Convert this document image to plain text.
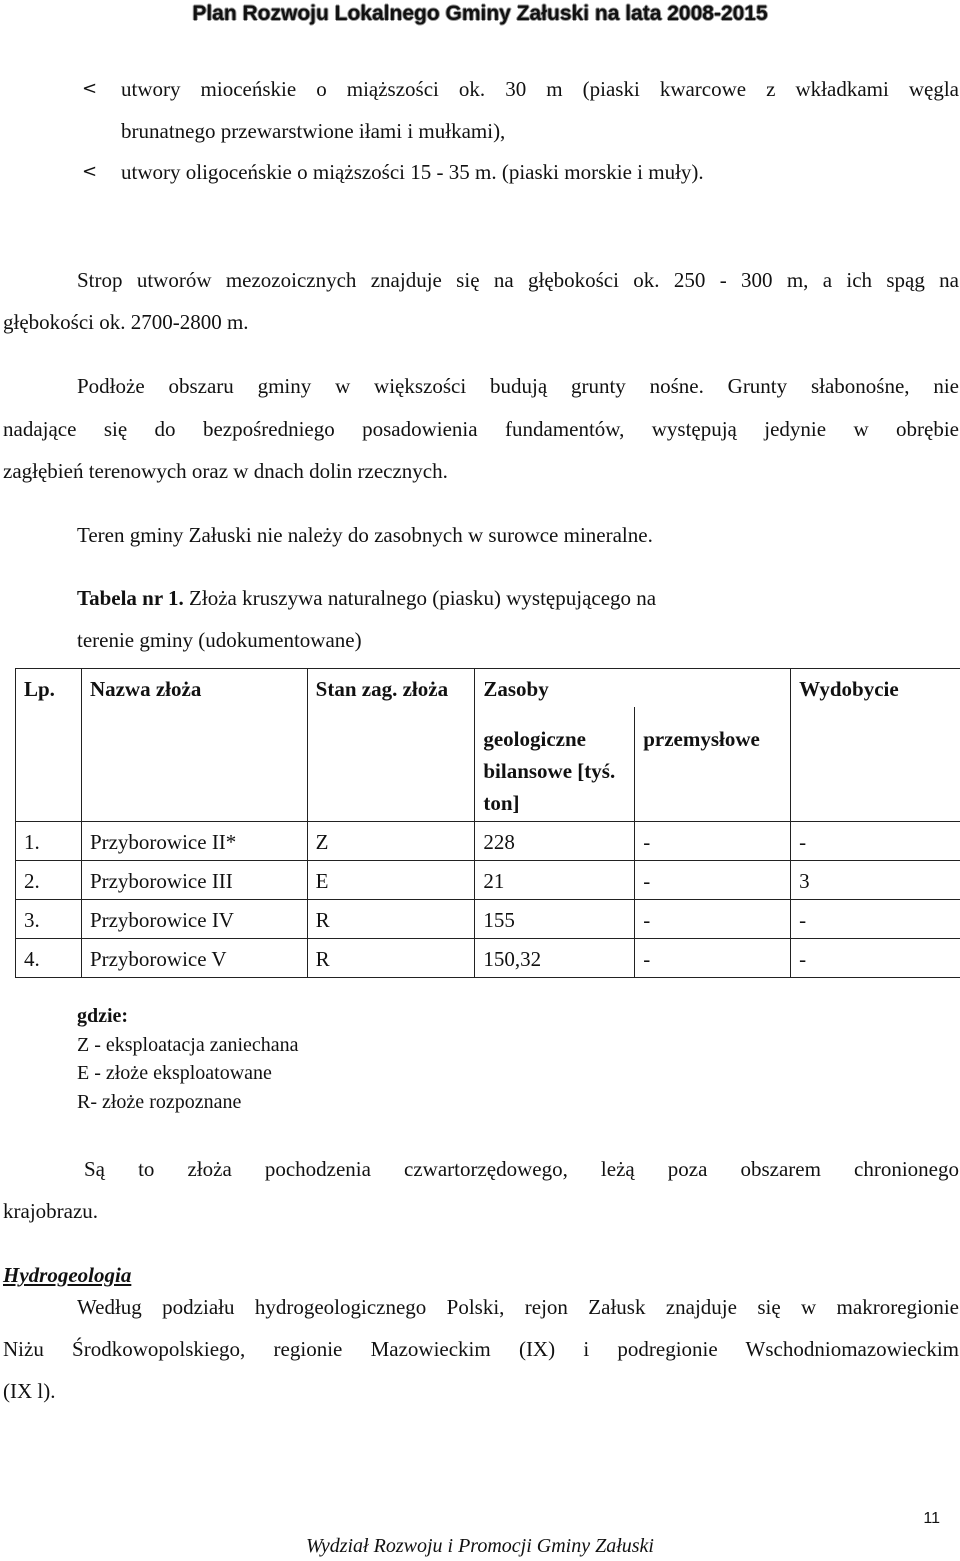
Plan Rozwoju Lokalnego Gminy Załuski na lata 2008-2015
< utwory mioceńskie o miąższości ok. 30 m (piaski kwarcowe z wkładkami węgla
brunatnego przewarstwione iłami i mułkami),
< utwory oligoceńskie o miąższości 15 - 35 m. (piaski morskie i muły).
Strop utworów mezozoicznych znajduje się na głębokości ok. 250 - 300 m, a ich spąg na
głębokości ok. 2700-2800 m.
Podłoże obszaru gminy w większości budują grunty nośne. Grunty słabonośne, nie
nadające się do bezpośredniego posadowienia fundamentów, występują jedynie w obrębie
zagłębień terenowych oraz w dnach dolin rzecznych.
Teren gminy Załuski nie należy do zasobnych w surowce mineralne.
Tabela nr 1. Złoża kruszywa naturalnego (piasku) występującego na
terenie gminy (udokumentowane)
Lp.	Nazwa złoża	Stan zag. złoża	Zasoby		Wydobycie
			geologiczne bilansowe [tyś. ton]	przemysłowe	
1.	Przyborowice II*	Z	228	-	-
2.	Przyborowice III	E	21	-	3
3.	Przyborowice IV	R	155	-	-
4.	Przyborowice V	R	150,32	-	-
gdzie:
Z - eksploatacja zaniechana
E - złoże eksploatowane
R- złoże rozpoznane
Są to złoża pochodzenia czwartorzędowego, leżą poza obszarem chronionego
krajobrazu.
Hydrogeologia
Według podziału hydrogeologicznego Polski, rejon Załusk znajduje się w makroregionie
Niżu Środkowopolskiego, regionie Mazowieckim (IX) i podregionie Wschodniomazowieckim
(IX l).
11
Wydział Rozwoju i Promocji Gminy Załuski
